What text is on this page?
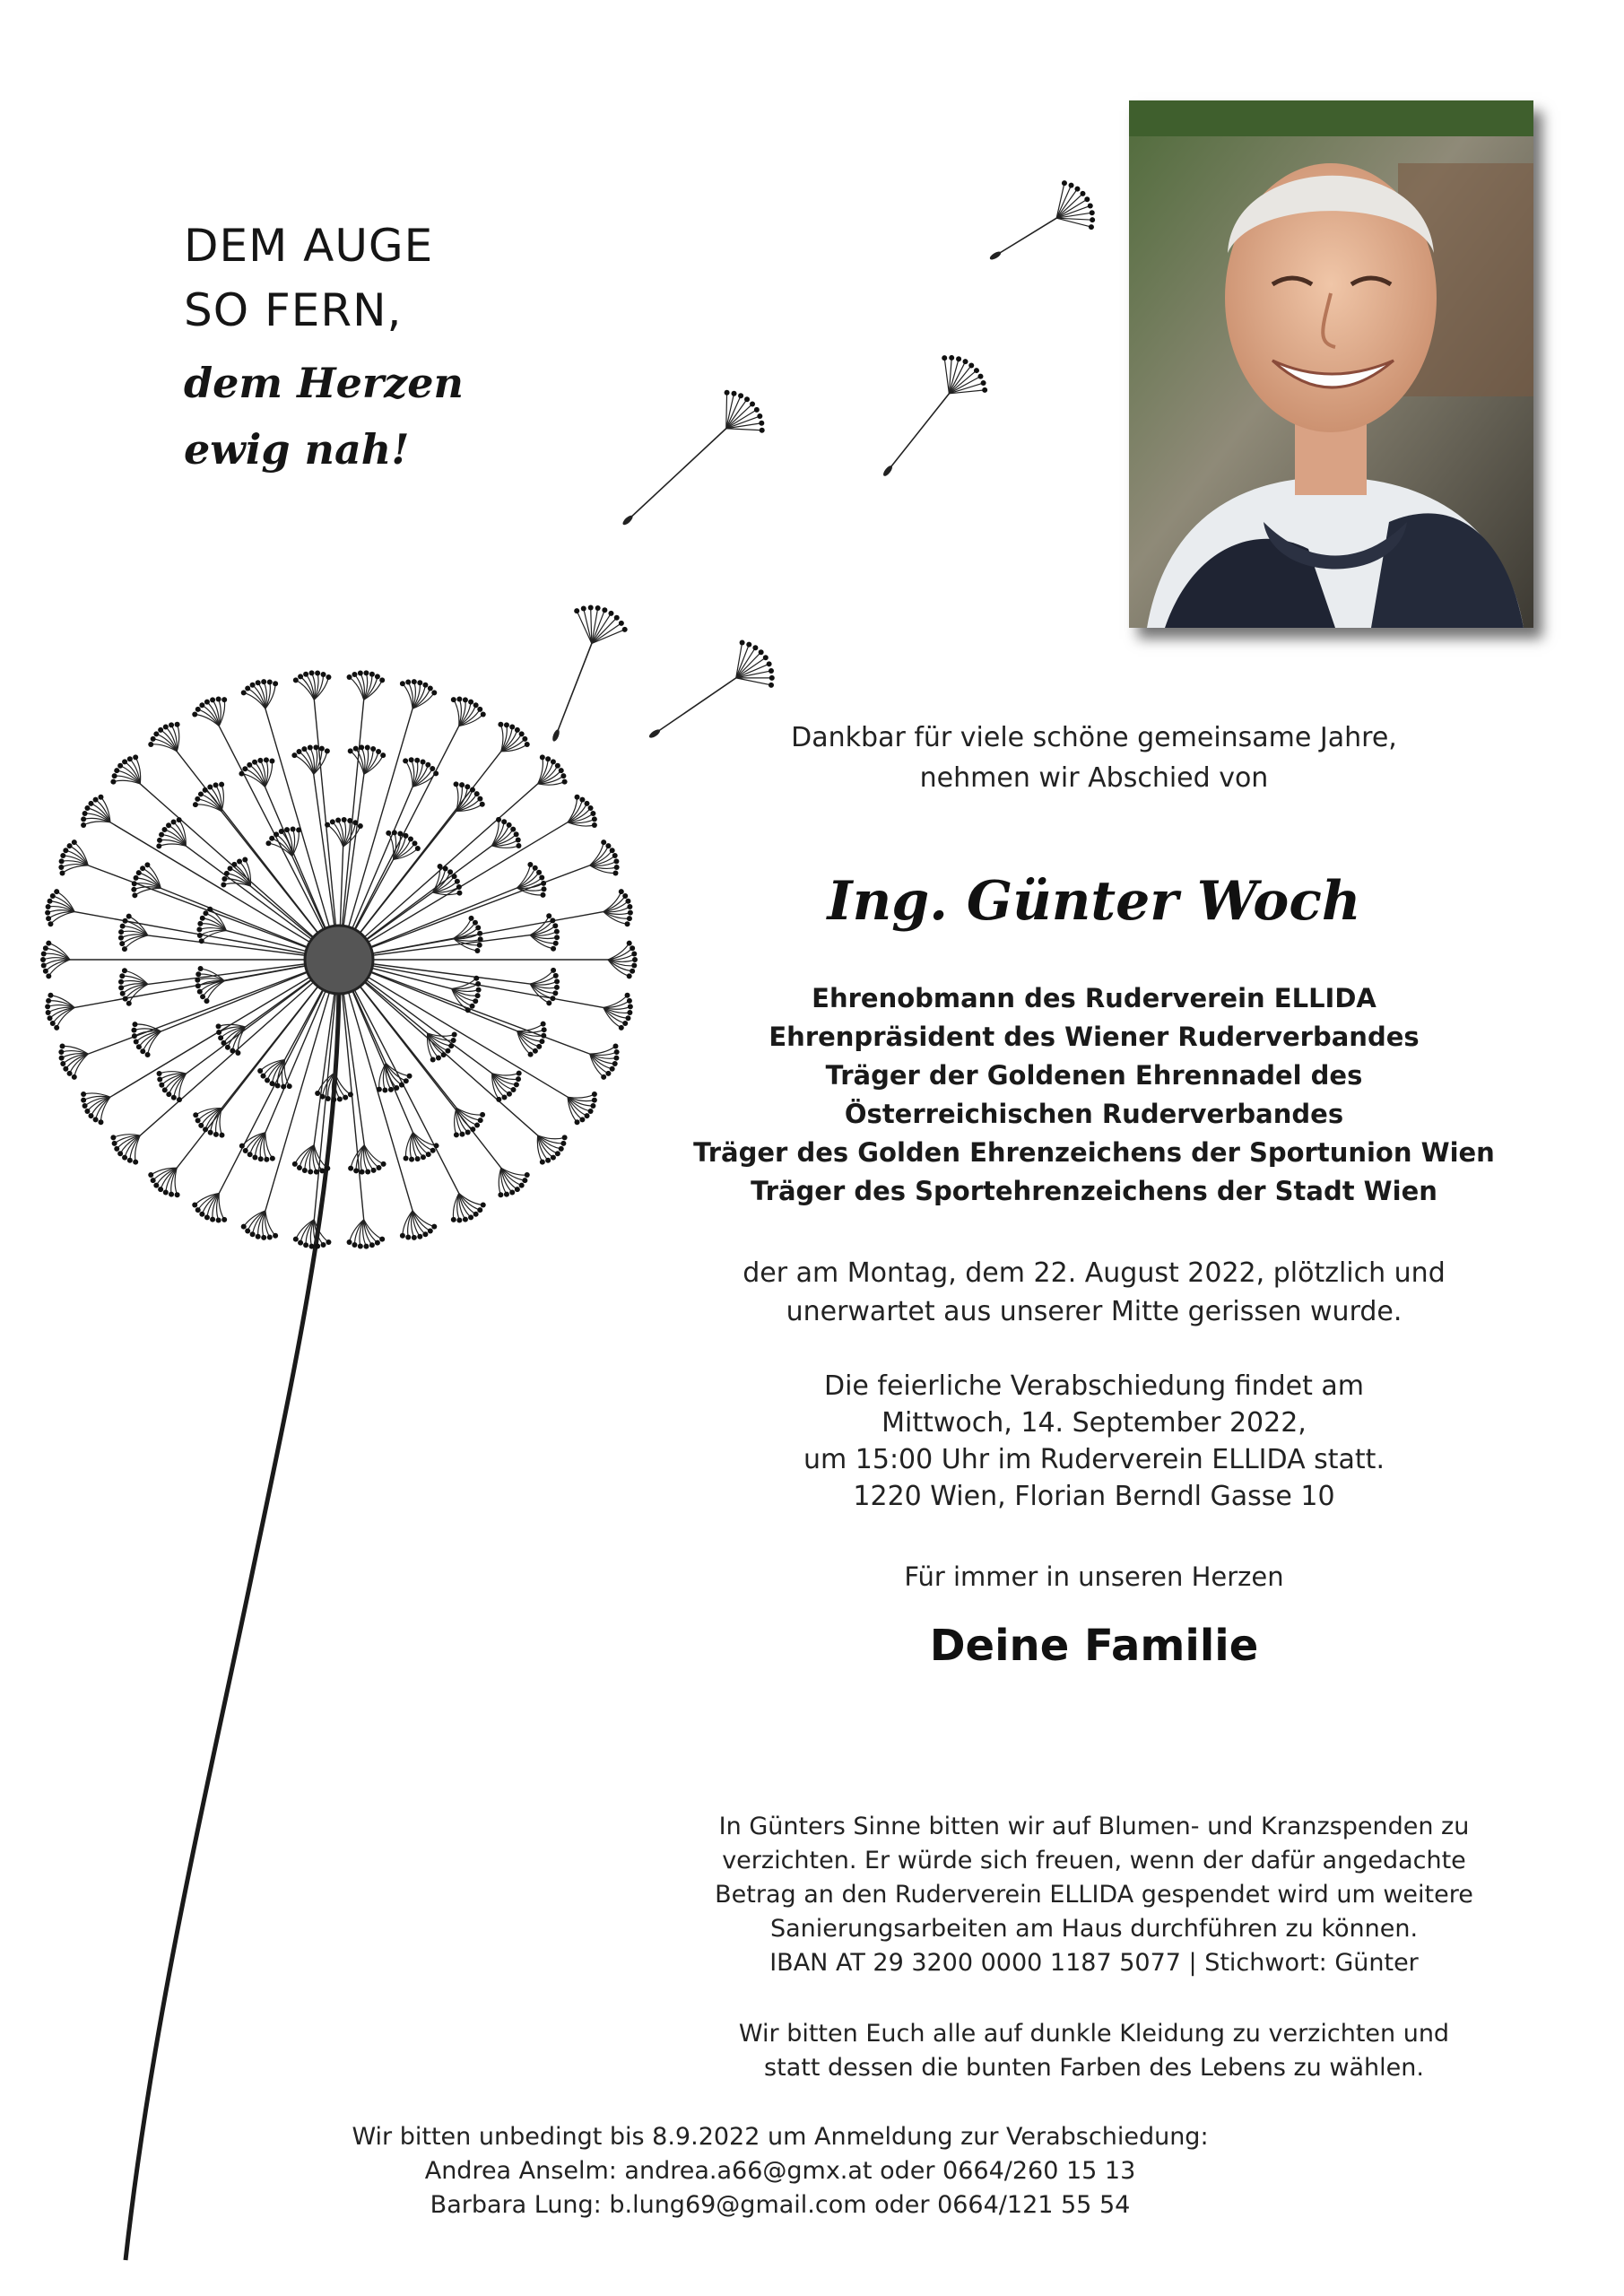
DEM AUGE
SO FERN,
dem Herzen
ewig nah!
Dankbar für viele schöne gemeinsame Jahre,
nehmen wir Abschied von
Ing. Günter Woch
Ehrenobmann des Ruderverein ELLIDA
Ehrenpräsident des Wiener Ruderverbandes
Träger der Goldenen Ehrennadel des
Österreichischen Ruderverbandes
Träger des Golden Ehrenzeichens der Sportunion Wien
Träger des Sportehrenzeichens der Stadt Wien
der am Montag, dem 22. August 2022, plötzlich und
unerwartet aus unserer Mitte gerissen wurde.
Die feierliche Verabschiedung findet am
Mittwoch, 14. September 2022,
um 15:00 Uhr im Ruderverein ELLIDA statt.
1220 Wien, Florian Berndl Gasse 10
Für immer in unseren Herzen
Deine Familie
In Günters Sinne bitten wir auf Blumen- und Kranzspenden zu
verzichten. Er würde sich freuen, wenn der dafür angedachte
Betrag an den Ruderverein ELLIDA gespendet wird um weitere
Sanierungsarbeiten am Haus durchführen zu können.
IBAN AT 29 3200 0000 1187 5077 | Stichwort: Günter
Wir bitten Euch alle auf dunkle Kleidung zu verzichten und
statt dessen die bunten Farben des Lebens zu wählen.
Wir bitten unbedingt bis 8.9.2022 um Anmeldung zur Verabschiedung:
Andrea Anselm: andrea.a66@gmx.at oder 0664/260 15 13
Barbara Lung: b.lung69@gmail.com oder 0664/121 55 54
